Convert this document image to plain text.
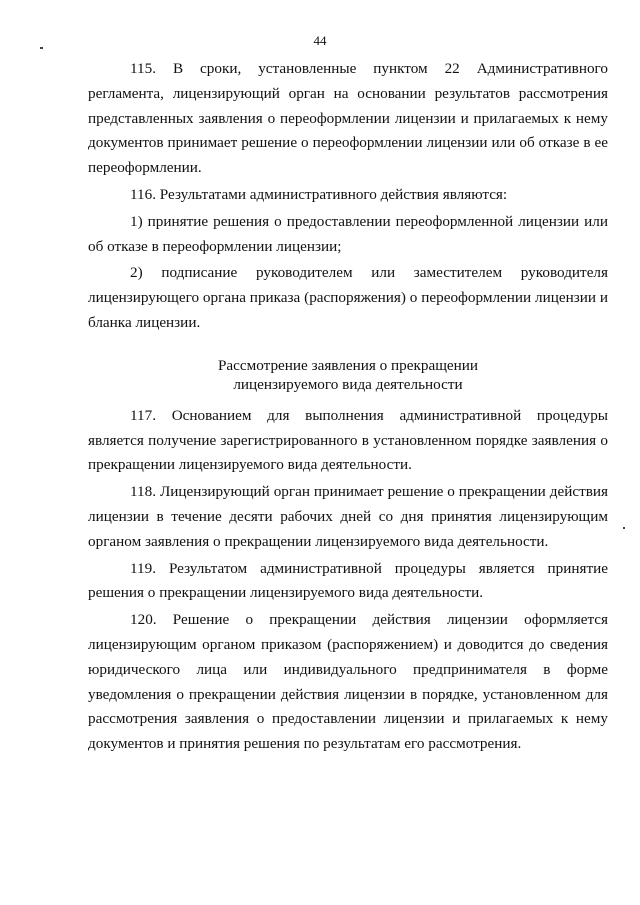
44

115. В сроки, установленные пунктом 22 Административного регламента, лицензирующий орган на основании результатов рассмотрения представленных заявления о переоформлении лицензии и прилагаемых к нему документов принимает решение о переоформлении лицензии или об отказе в ее переоформлении.

116. Результатами административного действия являются:

1) принятие решения о предоставлении переоформленной лицензии или об отказе в переоформлении лицензии;

2) подписание руководителем или заместителем руководителя лицензирующего органа приказа (распоряжения) о переоформлении лицензии и бланка лицензии.

Рассмотрение заявления о прекращении
лицензируемого вида деятельности

117. Основанием для выполнения административной процедуры является получение зарегистрированного в установленном порядке заявления о прекращении лицензируемого вида деятельности.

118. Лицензирующий орган принимает решение о прекращении действия лицензии в течение десяти рабочих дней со дня принятия лицензирующим органом заявления о прекращении лицензируемого вида деятельности.

119. Результатом административной процедуры является принятие решения о прекращении лицензируемого вида деятельности.

120. Решение о прекращении действия лицензии оформляется лицензирующим органом приказом (распоряжением) и доводится до сведения юридического лица или индивидуального предпринимателя в форме уведомления о прекращении действия лицензии в порядке, установленном для рассмотрения заявления о предоставлении лицензии и прилагаемых к нему документов и принятия решения по результатам его рассмотрения.
